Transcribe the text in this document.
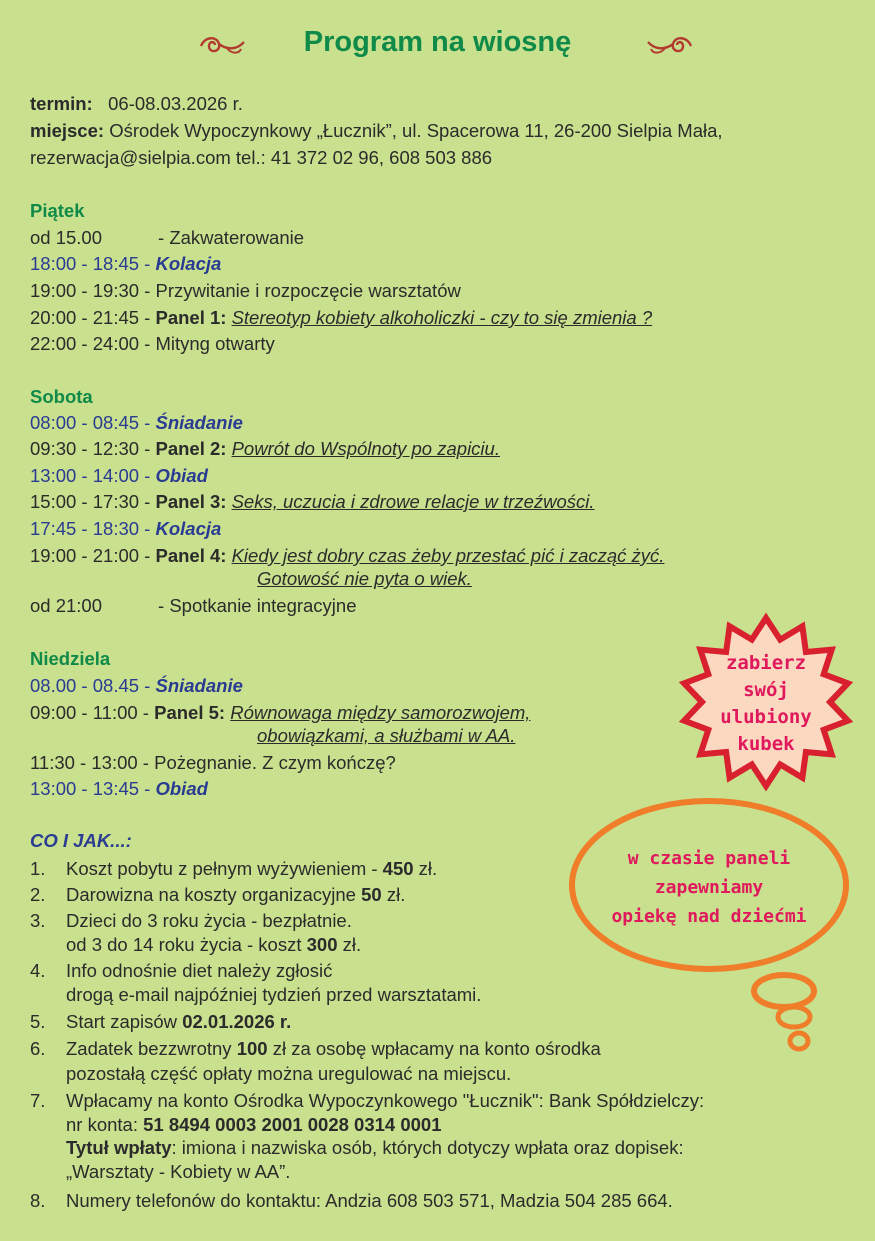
Program na wiosnę
termin: 06-08.03.2026 r.
miejsce: Ośrodek Wypoczynkowy „Łucznik”, ul. Spacerowa 11, 26-200 Sielpia Mała,
rezerwacja@sielpia.com tel.: 41 372 02 96, 608 503 886
Piątek
od 15.00	- Zakwaterowanie
18:00 - 18:45 - Kolacja
19:00 - 19:30 - Przywitanie i rozpoczęcie warsztatów
20:00 - 21:45 - Panel 1: Stereotyp kobiety alkoholiczki - czy to się zmienia ?
22:00 - 24:00 - Mityng otwarty
Sobota
08:00 - 08:45 - Śniadanie
09:30 - 12:30 - Panel 2: Powrót do Wspólnoty po zapiciu.
13:00 - 14:00 - Obiad
15:00 - 17:30 - Panel 3: Seks, uczucia i zdrowe relacje w trzeźwości.
17:45 - 18:30 - Kolacja
19:00 - 21:00 - Panel 4: Kiedy jest dobry czas żeby przestać pić i zacząć żyć.
Gotowość nie pyta o wiek.
od 21:00	- Spotkanie integracyjne
Niedziela
08.00 - 08.45 - Śniadanie
09:00 - 11:00 - Panel 5: Równowaga między samorozwojem,
obowiązkami, a służbami w AA.
11:30 - 13:00 - Pożegnanie. Z czym kończę?
13:00 - 13:45 - Obiad
CO I JAK...:
1.	Koszt pobytu z pełnym wyżywieniem - 450 zł.
2.	Darowizna na koszty organizacyjne 50 zł.
3.	Dzieci do 3 roku życia - bezpłatnie.
od 3 do 14 roku życia - koszt 300 zł.
4.	Info odnośnie diet należy zgłosić
drogą e-mail najpóźniej tydzień przed warsztatami.
5.	Start zapisów 02.01.2026 r.
6.	Zadatek bezzwrotny 100 zł za osobę wpłacamy na konto ośrodka
pozostałą część opłaty można uregulować na miejscu.
7.	Wpłacamy na konto Ośrodka Wypoczynkowego "Łucznik": Bank Spółdzielczy:
nr konta: 51 8494 0003 2001 0028 0314 0001
Tytuł wpłaty: imiona i nazwiska osób, których dotyczy wpłata oraz dopisek:
„Warsztaty - Kobiety w AA”.
8.	Numery telefonów do kontaktu: Andzia 608 503 571, Madzia 504 285 664.
zabierz
swój
ulubiony
kubek
w czasie paneli
zapewniamy
opiekę nad dziećmi
